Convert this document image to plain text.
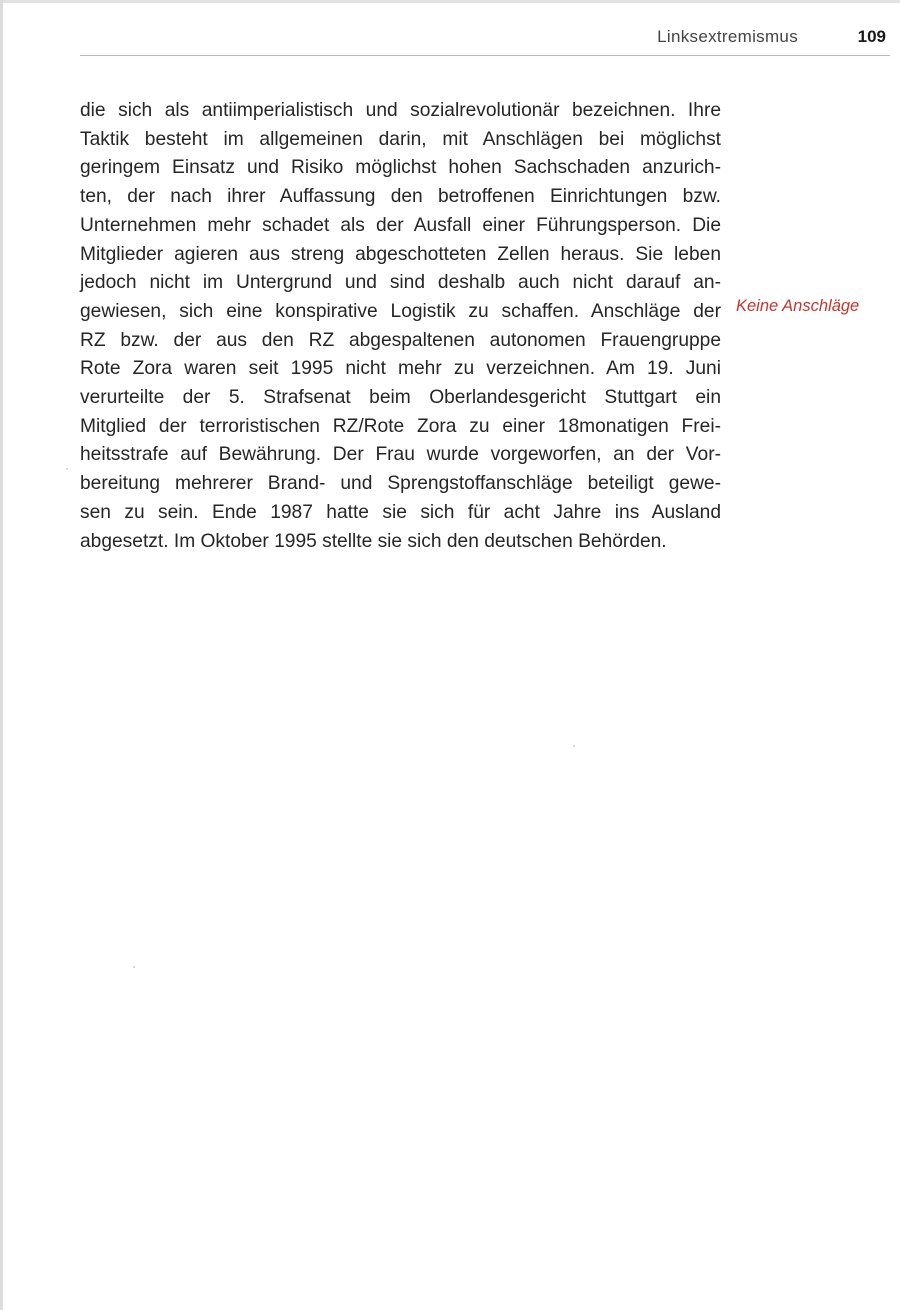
Linksextremismus	109
die sich als antiimperialistisch und sozialrevolutionär bezeichnen. Ihre
Taktik besteht im allgemeinen darin, mit Anschlägen bei möglichst
geringem Einsatz und Risiko möglichst hohen Sachschaden anzurich-
ten, der nach ihrer Auffassung den betroffenen Einrichtungen bzw.
Unternehmen mehr schadet als der Ausfall einer Führungsperson. Die
Mitglieder agieren aus streng abgeschotteten Zellen heraus. Sie leben
jedoch nicht im Untergrund und sind deshalb auch nicht darauf an-
gewiesen, sich eine konspirative Logistik zu schaffen. Anschläge der
RZ bzw. der aus den RZ abgespaltenen autonomen Frauengruppe
Rote Zora waren seit 1995 nicht mehr zu verzeichnen. Am 19. Juni
verurteilte der 5. Strafsenat beim Oberlandesgericht Stuttgart ein
Mitglied der terroristischen RZ/Rote Zora zu einer 18monatigen Frei-
heitsstrafe auf Bewährung. Der Frau wurde vorgeworfen, an der Vor-
bereitung mehrerer Brand- und Sprengstoffanschläge beteiligt gewe-
sen zu sein. Ende 1987 hatte sie sich für acht Jahre ins Ausland
abgesetzt. Im Oktober 1995 stellte sie sich den deutschen Behörden.
Keine Anschläge
